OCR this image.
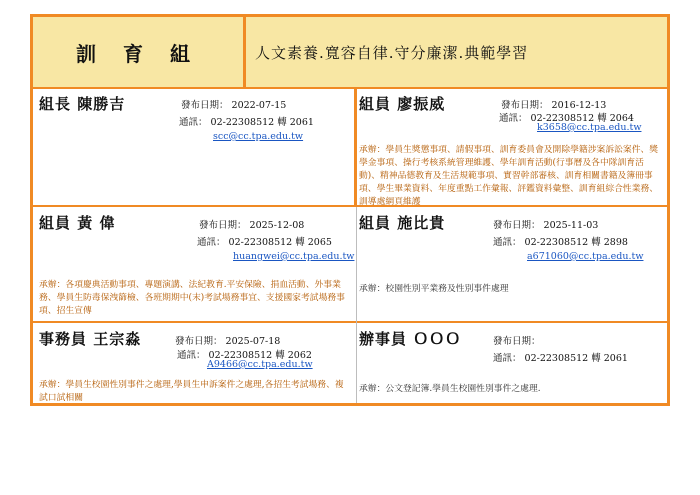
訓 育 組	人文素養.寬容自律.守分廉潔.典範學習
組長 陳勝吉	發布日期： 2022-07-15
通訊： 02-22308512 轉 2061
scc@cc.tpa.edu.tw
組員 廖振威	發布日期： 2016-12-13
通訊： 02-22308512 轉 2064
k3658@cc.tpa.edu.tw
承辦：學員生獎懲事項、請假事項、訓育委員會及開除學籍涉案訴訟案件、獎學金事項、操行考核系統管理維護、學年訓育活動(行事曆及各中隊訓育活動)、精神品德教育及生活規範事項、實習幹部審核、訓育相關書籍及簿冊事項、學生畢業資料、年度重點工作彙報、評鑑資料彙整、訓育組綜合性業務、訓導處網頁維護
組員 黃 偉	發布日期： 2025-12-08
通訊： 02-22308512 轉 2065
huangwei@cc.tpa.edu.tw
承辦：各項慶典活動事項、專題演講、法紀教育.平安保險、捐血活動、外事業務、學員生防毒保洩篩檢、各班期期中(末)考試場務事宜、支援國家考試場務事項、招生宣傳
組員 施比貴	發布日期： 2025-11-03
通訊： 02-22308512 轉 2898
a671060@cc.tpa.edu.tw
承辦：校園性別平業務及性別事件處理
事務員 王宗淼	發布日期： 2025-07-18
通訊： 02-22308512 轉 2062
A9466@cc.tpa.edu.tw
承辦：學員生校園性別事件之處理,學員生申訴案件之處理,各招生考試場務、複試口試相關
辦事員 ＯＯＯ	發布日期：
通訊： 02-22308512 轉 2061
承辦：公文登記簿.學員生校園性別事件之處理.
